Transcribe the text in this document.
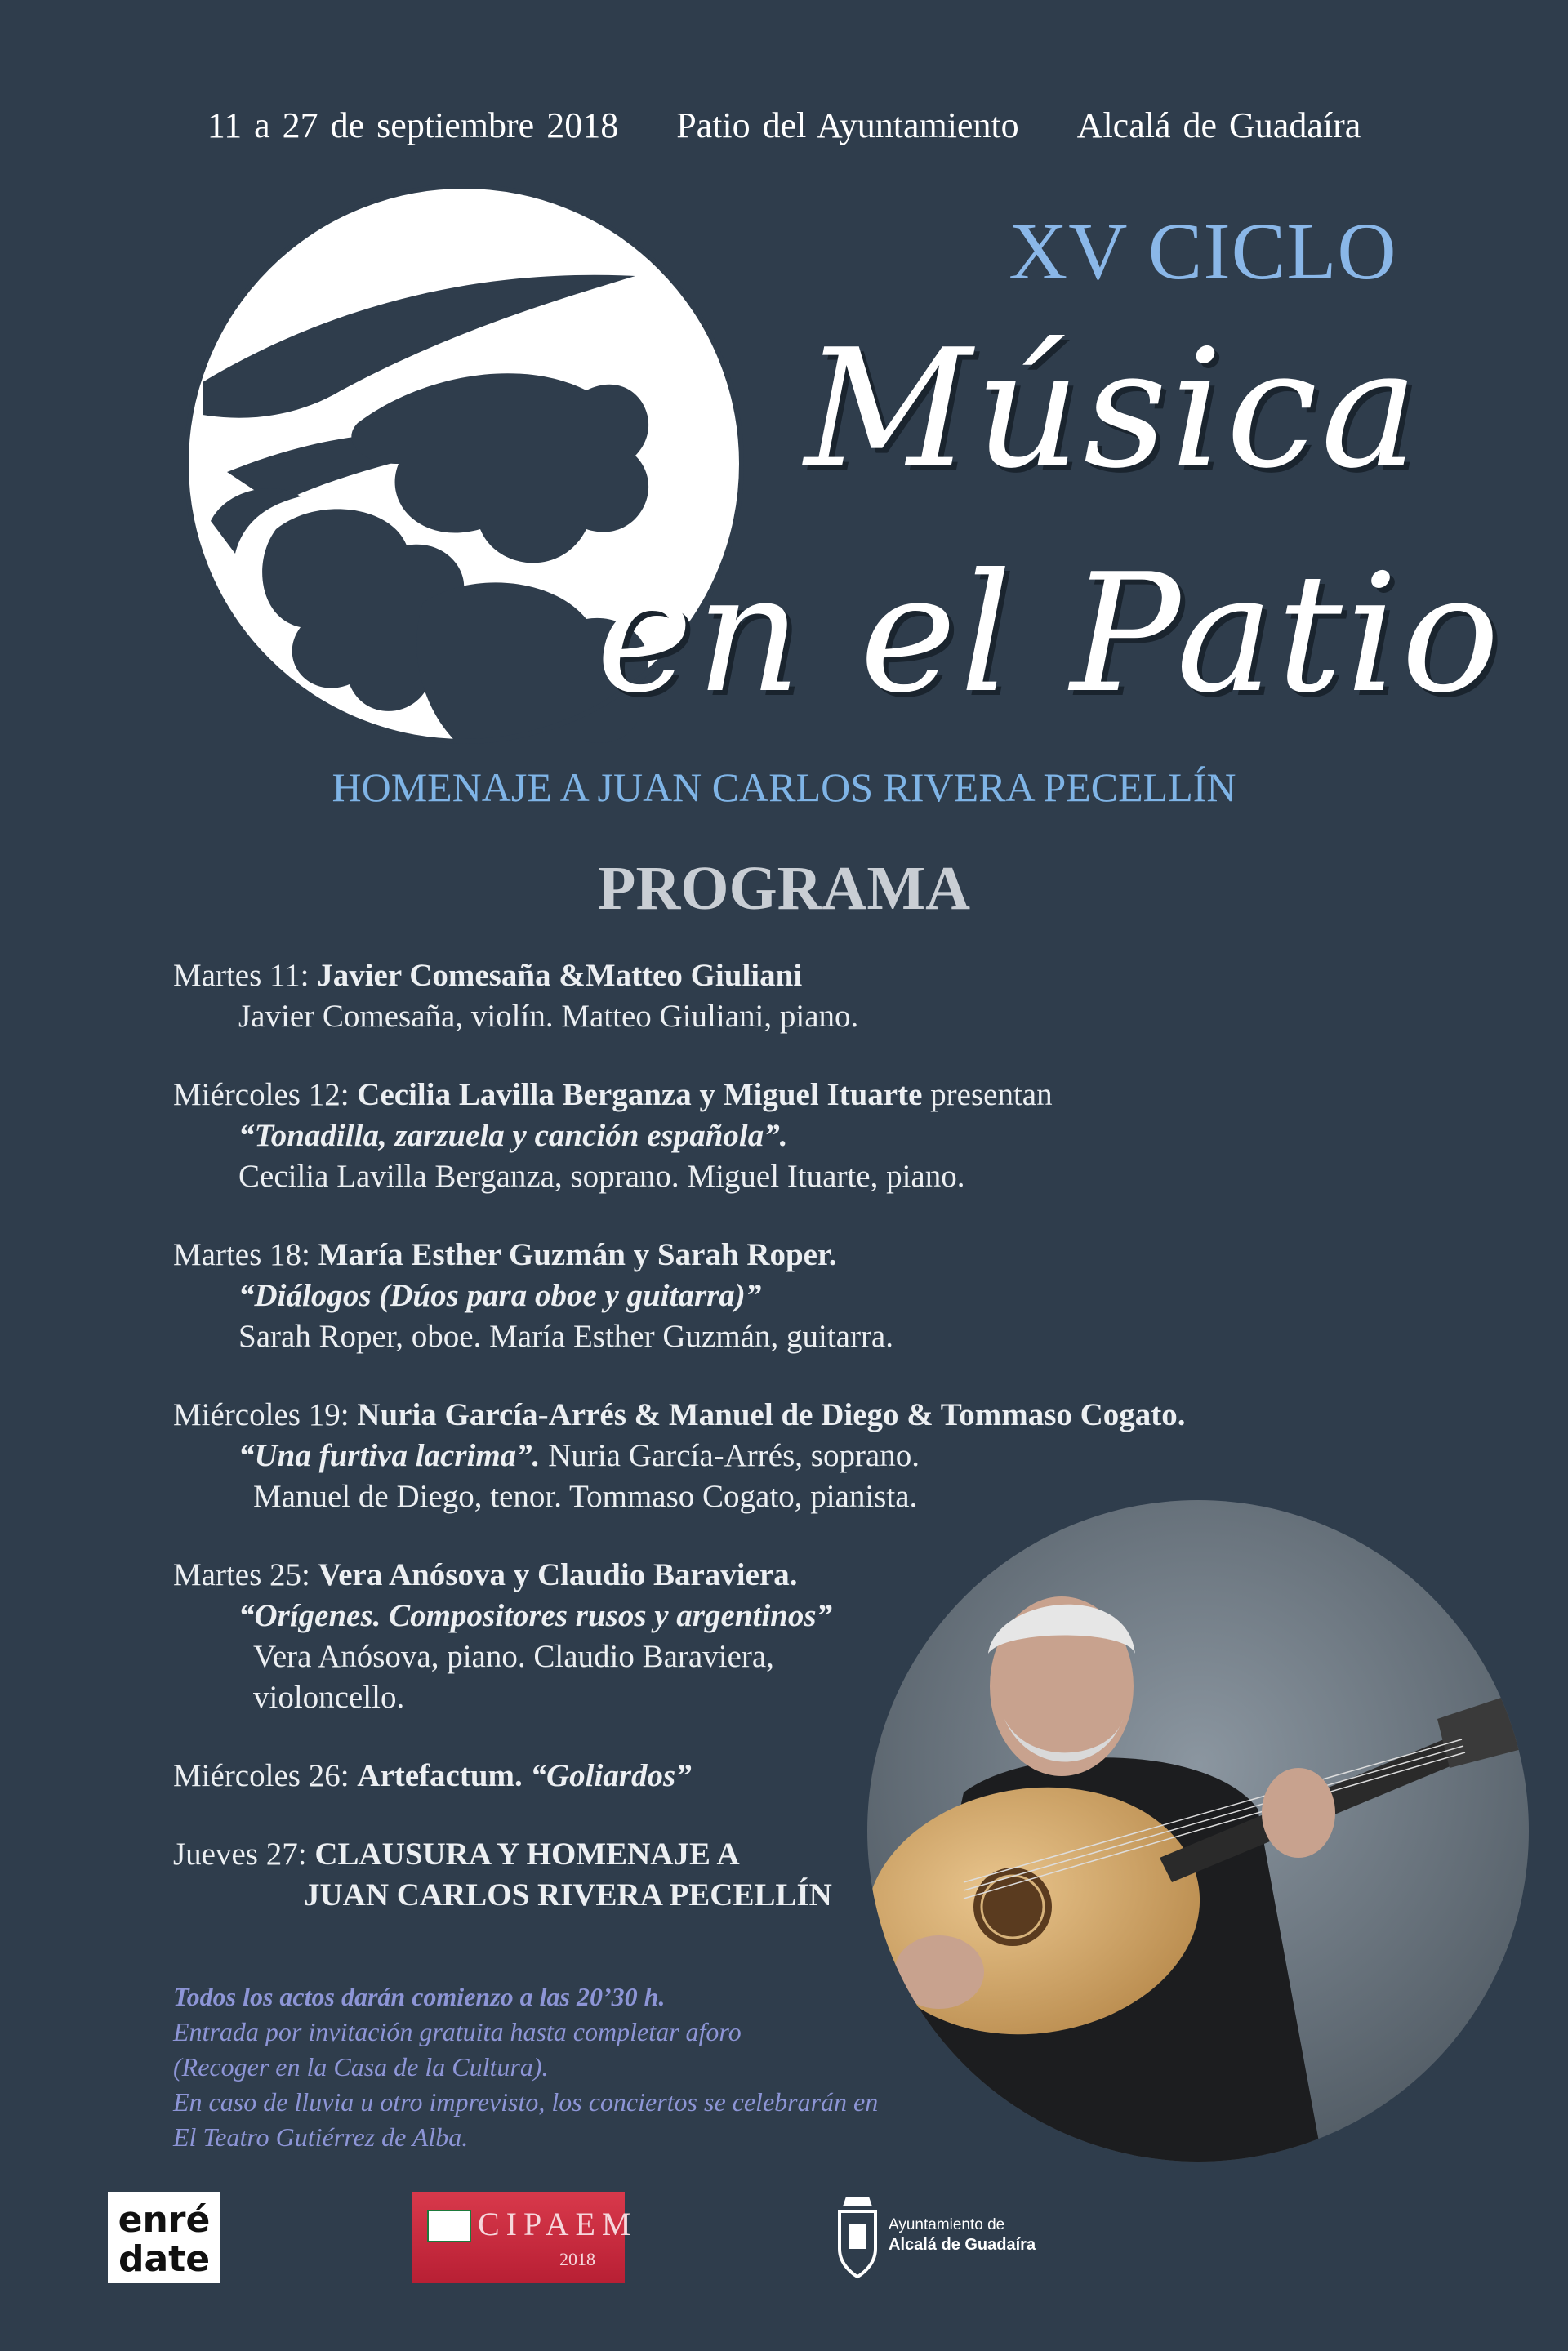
11 a 27 de septiembre 2018 Patio del Ayuntamiento Alcalá de Guadaíra
XV CICLO
Música
en el Patio
HOMENAJE A JUAN CARLOS RIVERA PECELLÍN
PROGRAMA
Martes 11: Javier Comesaña &Matteo Giuliani
Javier Comesaña, violín. Matteo Giuliani, piano.
Miércoles 12: Cecilia Lavilla Berganza y Miguel Ituarte presentan
“Tonadilla, zarzuela y canción española”.
Cecilia Lavilla Berganza, soprano. Miguel Ituarte, piano.
Martes 18: María Esther Guzmán y Sarah Roper.
“Diálogos (Dúos para oboe y guitarra)”
Sarah Roper, oboe. María Esther Guzmán, guitarra.
Miércoles 19: Nuria García-Arrés & Manuel de Diego & Tommaso Cogato.
“Una furtiva lacrima”. Nuria García-Arrés, soprano.
Manuel de Diego, tenor. Tommaso Cogato, pianista.
Martes 25: Vera Anósova y Claudio Baraviera.
“Orígenes. Compositores rusos y argentinos”
Vera Anósova, piano. Claudio Baraviera,
violoncello.
Miércoles 26: Artefactum. “Goliardos”
Jueves 27: CLAUSURA Y HOMENAJE A
JUAN CARLOS RIVERA PECELLÍN
Todos los actos darán comienzo a las 20’30 h.
Entrada por invitación gratuita hasta completar aforo
(Recoger en la Casa de la Cultura).
En caso de lluvia u otro imprevisto, los conciertos se celebrarán en
El Teatro Gutiérrez de Alba.
enré
date
CIPAEM
2018
Ayuntamiento de
Alcalá de Guadaíra
